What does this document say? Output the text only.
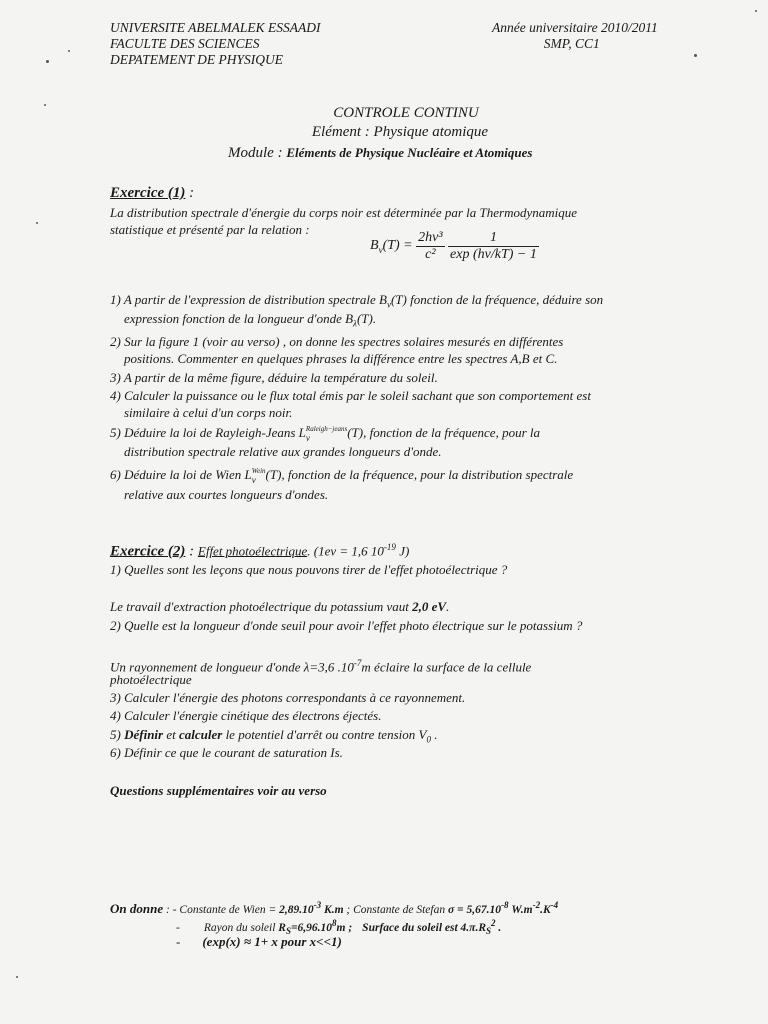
UNIVERSITE ABELMALEK ESSAADI
FACULTE DES SCIENCES
DEPATEMENT DE PHYSIQUE
Année universitaire 2010/2011
SMP, CC1
CONTROLE CONTINU
Elément : Physique atomique
Module : Eléments de Physique Nucléaire et Atomiques
Exercice (1) :
La distribution spectrale d'énergie du corps noir est déterminée par la Thermodynamique
statistique et présenté par la relation :
$B_\nu(T) = \frac{\text{2hν³}}{\text{c²}}$
$\frac{1}{\exp (h\nu/kT) - 1}$
1) A partir de l'expression de distribution spectrale $B_\nu(T)$ fonction de la fréquence, déduire son
expression fonction de la longueur d'onde $B_\lambda(T)$.
2) Sur la figure 1 (voir au verso) , on donne les spectres solaires mesurés en différentes
positions. Commenter en quelques phrases la différence entre les spectres A,B et C.
3) A partir de la même figure, déduire la température du soleil.
4) Calculer la puissance ou le flux total émis par le soleil sachant que son comportement est
similaire à celui d'un corps noir.
5) Déduire la loi de Rayleigh-Jeans L Raleigh−jeans
ν	(T), fonction de la fréquence, pour la
distribution spectrale relative aux grandes longueurs d'onde.
6) Déduire la loi de Wien L Wein
ν (T), fonction de la fréquence, pour la distribution spectrale
relative aux courtes longueurs d'ondes.
Exercice (2) : Effet photoélectrique. (1ev = 1,6 $10^{-19}$ J)
1) Quelles sont les leçons que nous pouvons tirer de l'effet photoélectrique ?
Le travail d'extraction photoélectrique du potassium vaut 2,0 eV.
2) Quelle est la longueur d'onde seuil pour avoir l'effet photo électrique sur le potassium ?
Un rayonnement de longueur d'onde λ=3,6 $.10^{-7}m$ éclaire la surface de la cellule
photoélectrique
3) Calculer l'énergie des photons correspondants à ce rayonnement.
4) Calculer l'énergie cinétique des électrons éjectés.
5) Définir et calculer le potentiel d'arrêt ou contre tension $V_0$ .
6) Définir ce que le courant de saturation Is.
Questions supplémentaires voir au verso
On donne : - Constante de Wien = $2,89.10^{-3}$ K.m ; Constante de Stefan $\sigma = 5,67.10^{-8}$ $W.m^{-2}.K^{-4}$
- Rayon du soleil $R_S=6,96.10^8m$ ; Surface du soleil est $4.\pi.R_S^2$ .
- (exp(x) ≈ 1+ x pour x<<1)
